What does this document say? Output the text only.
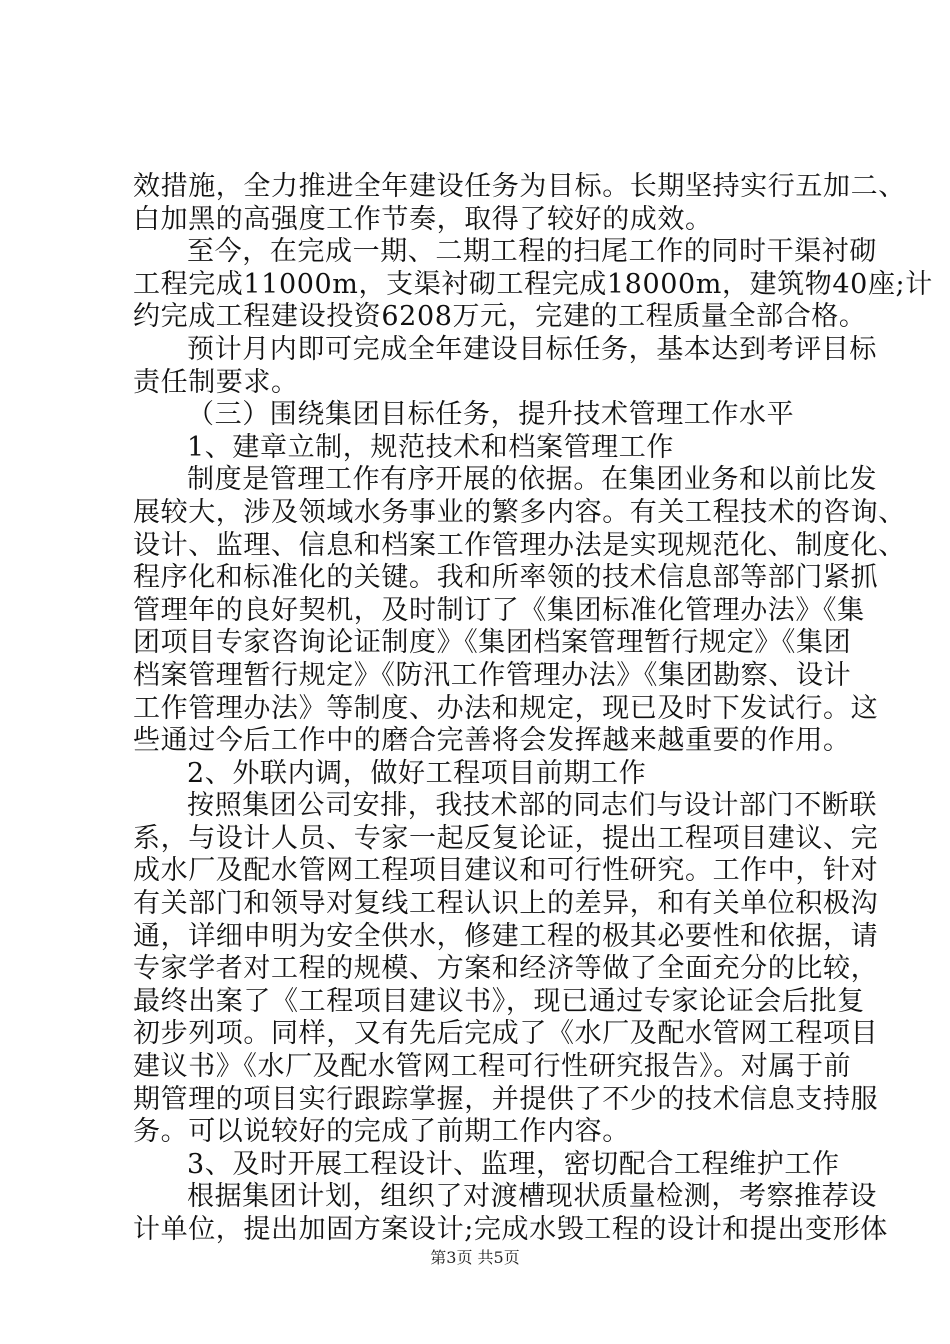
效措施，全力推进全年建设任务为目标。长期坚持实行五加二、
白加黑的高强度工作节奏，取得了较好的成效。
至今，在完成一期、二期工程的扫尾工作的同时干渠衬砌
工程完成11000m，支渠衬砌工程完成18000m，建筑物40座;计
约完成工程建设投资6208万元，完建的工程质量全部合格。
预计月内即可完成全年建设目标任务，基本达到考评目标
责任制要求。
（三）围绕集团目标任务，提升技术管理工作水平
1、建章立制，规范技术和档案管理工作
制度是管理工作有序开展的依据。在集团业务和以前比发
展较大，涉及领域水务事业的繁多内容。有关工程技术的咨询、
设计、监理、信息和档案工作管理办法是实现规范化、制度化、
程序化和标准化的关键。我和所率领的技术信息部等部门紧抓
管理年的良好契机，及时制订了《集团标准化管理办法》《集
团项目专家咨询论证制度》《集团档案管理暂行规定》《集团
档案管理暂行规定》《防汛工作管理办法》《集团勘察、设计
工作管理办法》等制度、办法和规定，现已及时下发试行。这
些通过今后工作中的磨合完善将会发挥越来越重要的作用。
2、外联内调，做好工程项目前期工作
按照集团公司安排，我技术部的同志们与设计部门不断联
系，与设计人员、专家一起反复论证，提出工程项目建议、完
成水厂及配水管网工程项目建议和可行性研究。工作中，针对
有关部门和领导对复线工程认识上的差异，和有关单位积极沟
通，详细申明为安全供水，修建工程的极其必要性和依据，请
专家学者对工程的规模、方案和经济等做了全面充分的比较，
最终出案了《工程项目建议书》，现已通过专家论证会后批复
初步列项。同样，又有先后完成了《水厂及配水管网工程项目
建议书》《水厂及配水管网工程可行性研究报告》。对属于前
期管理的项目实行跟踪掌握，并提供了不少的技术信息支持服
务。可以说较好的完成了前期工作内容。
3、及时开展工程设计、监理，密切配合工程维护工作
根据集团计划，组织了对渡槽现状质量检测，考察推荐设
计单位，提出加固方案设计;完成水毁工程的设计和提出变形体
第3页 共5页
